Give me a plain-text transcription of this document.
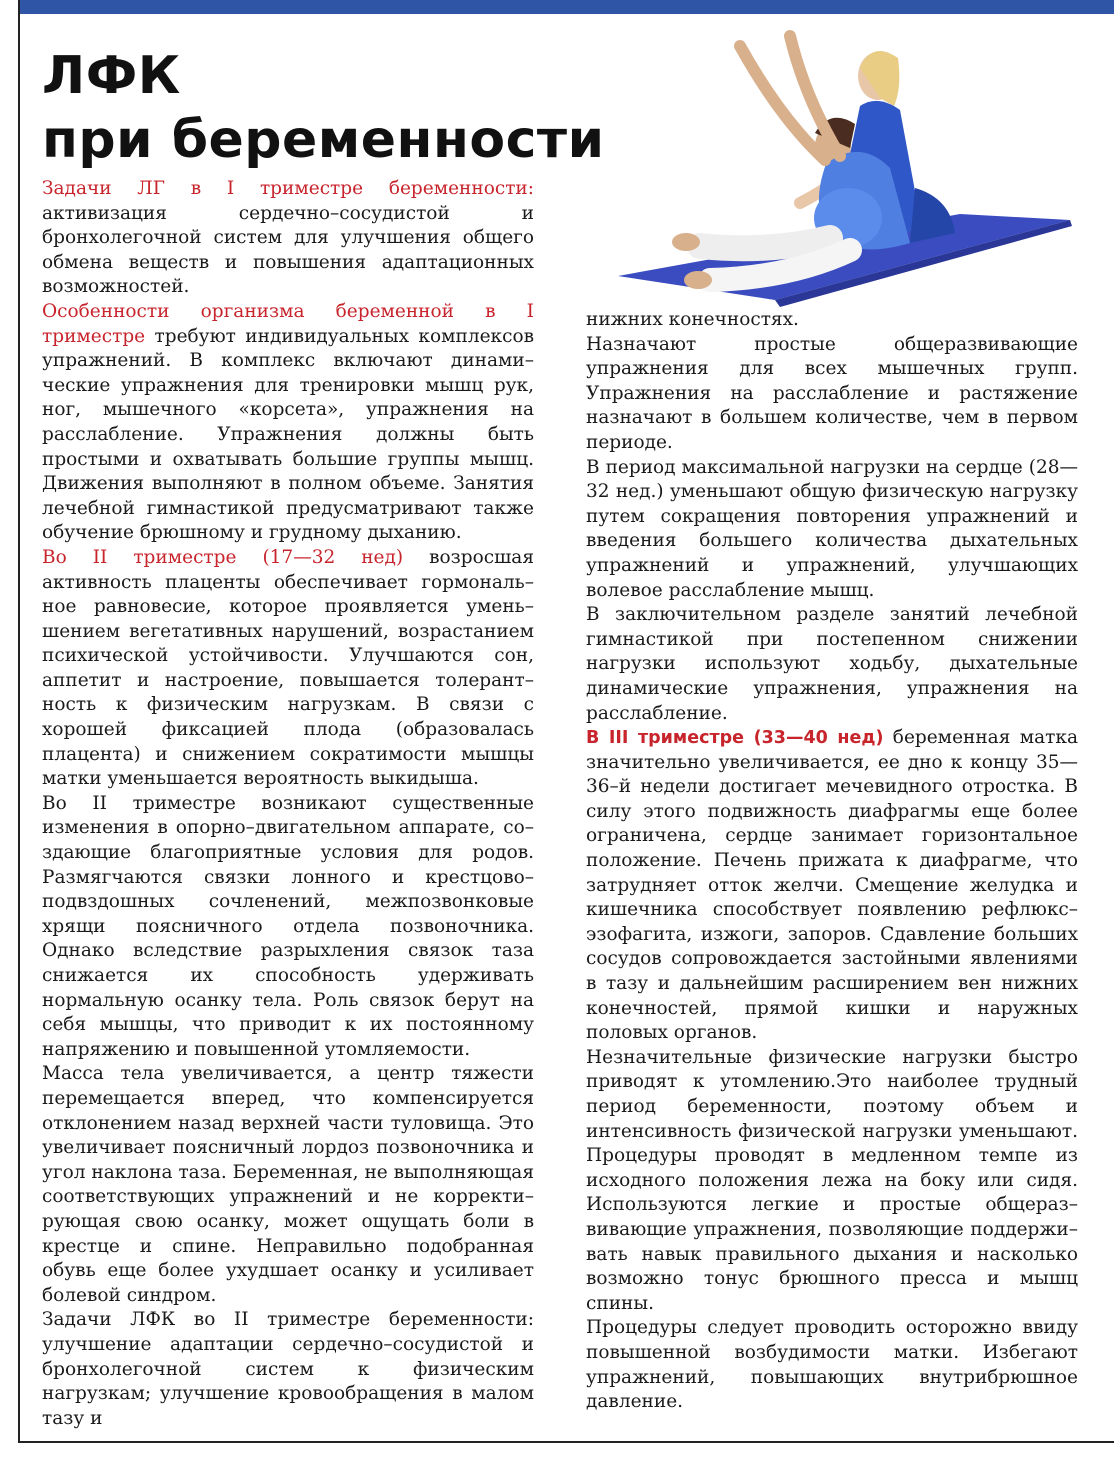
ЛФК
при беременности

Задачи ЛГ в I триместре беременности: активизация сердечно–сосудистой и бронхолегочной систем для улучшения общего обмена веществ и повышения адаптационных возможностей.

Особенности организма беременной в I триместре требуют индивидуальных комплексов упражнений. В комплекс включают динами–ческие упражнения для тренировки мышц рук, ног, мышечного «корсета», упражнения на расслабление. Упражнения должны быть простыми и охватывать большие группы мышц. Движения выполняют в полном объеме. Занятия лечебной гимнастикой предусматривают также обучение брюшному и грудному дыханию.

Во II триместре (17—32 нед) возросшая активность плаценты обеспечивает гормональ–ное равновесие, которое проявляется умень–шением вегетативных нарушений, возрастанием психической устойчивости. Улучшаются сон, аппетит и настроение, повышается толерант–ность к физическим нагрузкам. В связи с хорошей фиксацией плода (образовалась плацента) и снижением сократимости мышцы матки уменьшается вероятность выкидыша.

Во II триместре возникают существенные изменения в опорно–двигательном аппарате, со–здающие благоприятные условия для родов. Размягчаются связки лонного и крестцово–подвздошных сочленений, межпозвонковые хрящи поясничного отдела позвоночника. Однако вследствие разрыхления связок таза снижается их способность удерживать нормальную осанку тела. Роль связок берут на себя мышцы, что приводит к их постоянному напряжению и повышенной утомляемости.

Масса тела увеличивается, а центр тяжести перемещается вперед, что компенсируется отклонением назад верхней части туловища. Это увеличивает поясничный лордоз позвоночника и угол наклона таза. Беременная, не выполняющая соответствующих упражнений и не корректи–рующая свою осанку, может ощущать боли в крестце и спине. Неправильно подобранная обувь еще более ухудшает осанку и усиливает болевой синдром.

Задачи ЛФК во II триместре беременности: улучшение адаптации сердечно–сосудистой и бронхолегочной систем к физическим нагрузкам; улучшение кровообращения в малом тазу и

нижних конечностях.

Назначают простые общеразвивающие упражнения для всех мышечных групп. Упражнения на расслабление и растяжение назначают в большем количестве, чем в первом периоде.

В период максимальной нагрузки на сердце (28—32 нед.) уменьшают общую физическую нагрузку путем сокращения повторения упражнений и введения большего количества дыхательных упражнений и упражнений, улучшающих волевое расслабление мышц.

В заключительном разделе занятий лечебной гимнастикой при постепенном снижении нагрузки используют ходьбу, дыхательные динамические упражнения, упражнения на расслабление.

В III триместре (33—40 нед) беременная матка значительно увеличивается, ее дно к концу 35—36–й недели достигает мечевидного отростка. В силу этого подвижность диафрагмы еще более ограничена, сердце занимает горизонтальное положение. Печень прижата к диафрагме, что затрудняет отток желчи. Смещение желудка и кишечника способствует появлению рефлюкс–эзофагита, изжоги, запоров. Сдавление больших сосудов сопровождается застойными явлениями в тазу и дальнейшим расширением вен нижних конечностей, прямой кишки и наружных половых органов.

Незначительные физические нагрузки быстро приводят к утомлению.Это наиболее трудный период беременности, поэтому объем и интенсивность физической нагрузки уменьшают. Процедуры проводят в медленном темпе из исходного положения лежа на боку или сидя. Используются легкие и простые общераз–вивающие упражнения, позволяющие поддержи–вать навык правильного дыхания и насколько возможно тонус брюшного пресса и мышц спины.

Процедуры следует проводить осторожно ввиду повышенной возбудимости матки. Избегают упражнений, повышающих внутрибрюшное давление.
